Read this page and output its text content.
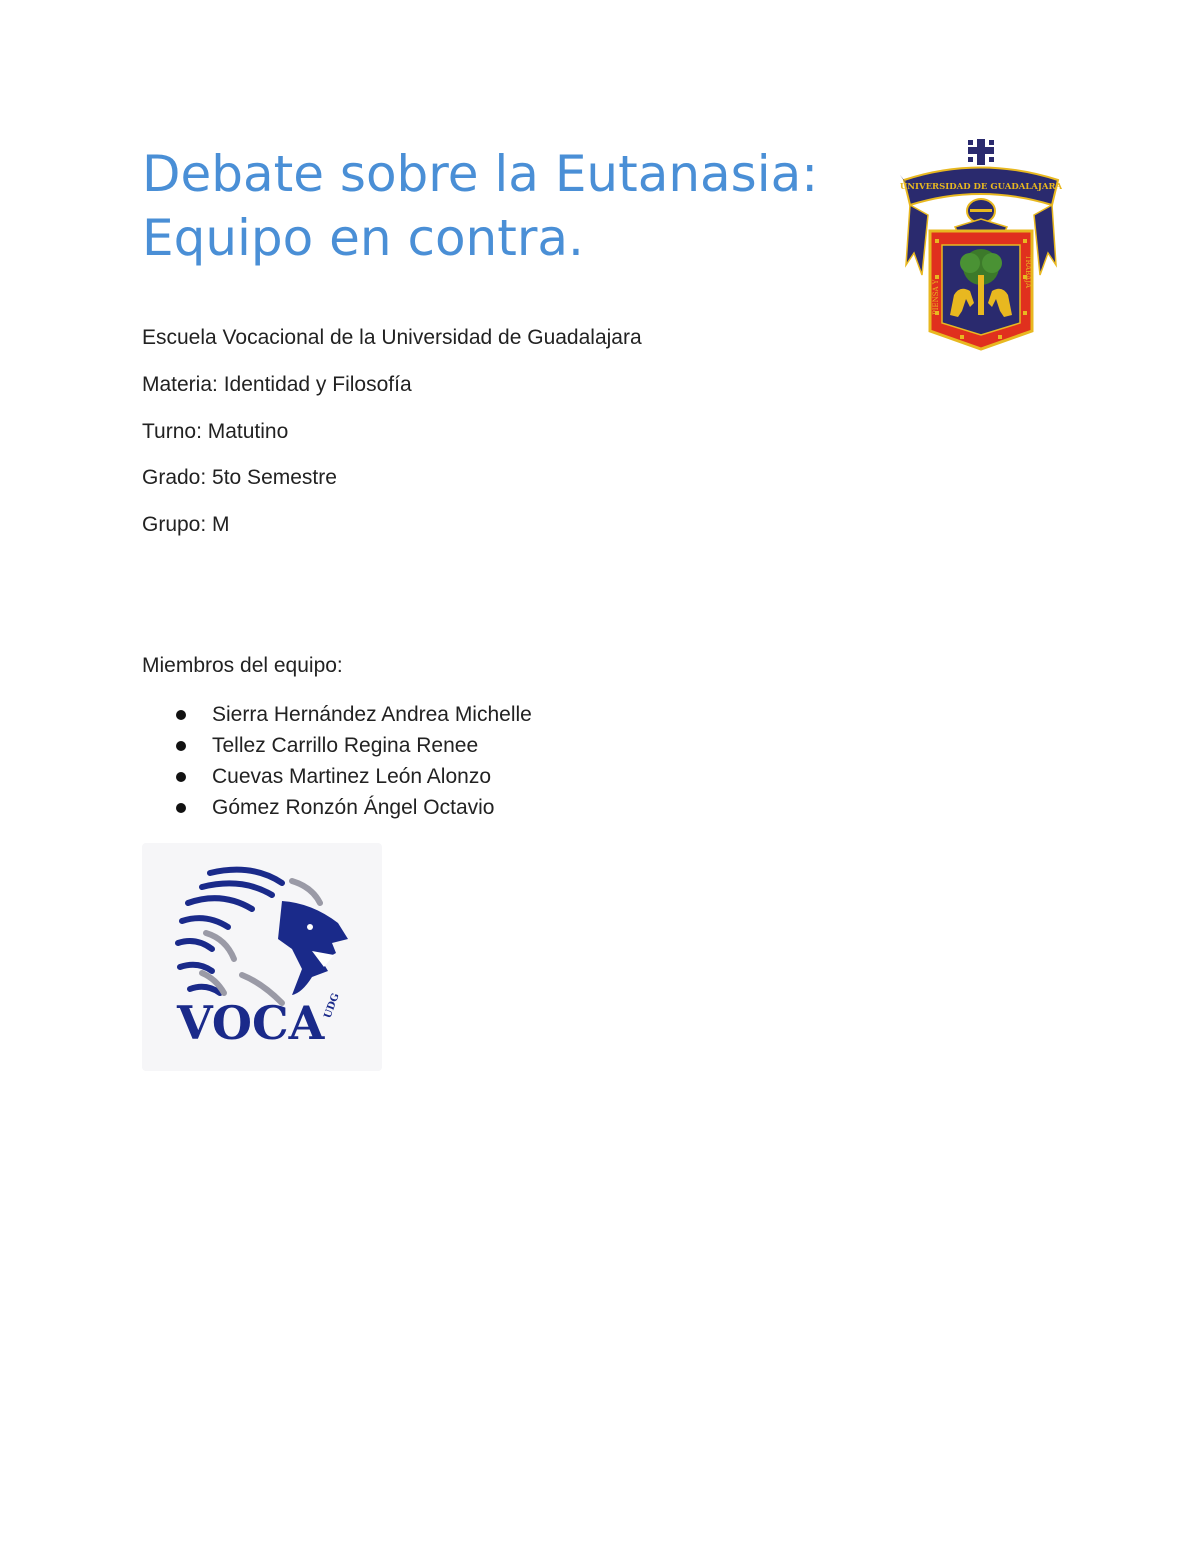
Debate sobre la Eutanasia:
Equipo en contra.

Escuela Vocacional de la Universidad de Guadalajara

Materia: Identidad y Filosofía

Turno: Matutino

Grado: 5to Semestre

Grupo: M

Miembros del equipo:

Sierra Hernández Andrea Michelle
Tellez Carrillo Regina Renee
Cuevas Martinez León Alonzo
Gómez Ronzón Ángel Octavio
UNIVERSIDAD DE GUADALAJARA
PIENSA Y
TRABAJA
VOCA
UDG
